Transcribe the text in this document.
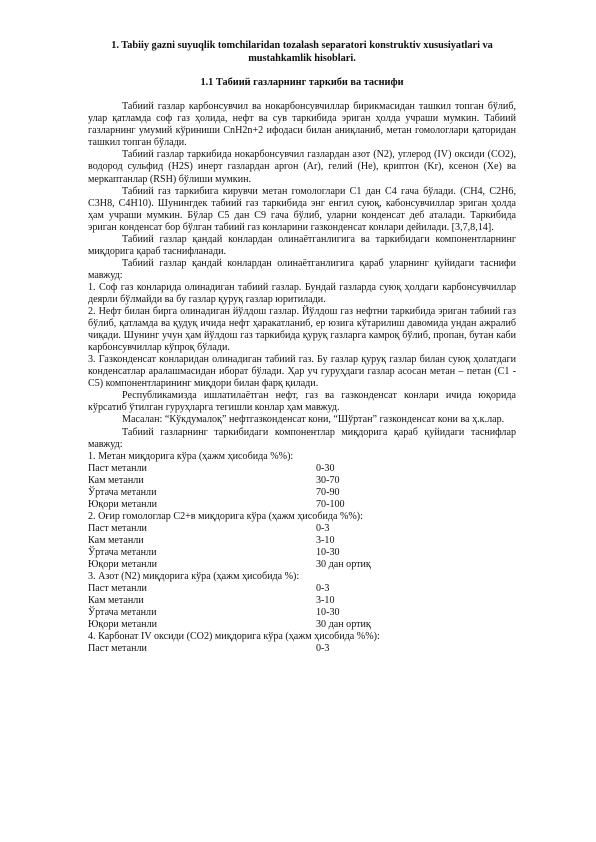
1. Tabiiy gazni suyuqlik tomchilaridan tozalash separatori konstruktiv xususiyatlari va mustahkamlik hisoblari.
1.1 Табиий газларнинг таркиби ва таснифи

Табиий газлар карбонсувчил ва нокарбонсувчиллар бирикмасидан ташкил топган бўлиб, улар қатламда соф газ ҳолида, нефт ва сув таркибида эриган ҳолда учраши мумкин. Табиий газларнинг умумий кўриниши CnH2n+2 ифодаси билан аниқланиб, метан гомологлари қаторидан ташкил топган бўлади.

Табиий газлар таркибида нокарбонсувчил газлардан азот (N2), углерод (IV) оксиди (CO2), водород сульфид (H2S) инерт газлардан аргон (Ar), гелий (He), криптон (Kr), ксенон (Xe) ва меркаптанлар (RSH) бўлиши мумкин.

Табиий газ таркибига кирувчи метан гомологлари C1 дан C4 гача бўлади. (CH4, C2H6, C3H8, C4H10). Шунингдек табиий газ таркибида энг енгил суюқ, кабонсувчиллар эриган ҳолда ҳам учраши мумкин. Бўлар C5 дан C9 гача бўлиб, уларни конденсат деб аталади. Таркибида эриган конденсат бор бўлган табиий газ конларини газконденсат конлари дейилади. [3,7,8,14].

Табиий газлар қандай конлардан олинаётганлигига ва таркибидаги компонентларнинг миқдорига қараб таснифланади.

Табиий газлар қандай конлардан олинаётганлигига қараб уларнинг қуйидаги таснифи мавжуд:

1. Соф газ конларида олинадиган табиий газлар. Бундай газларда суюқ ҳолдаги карбонсувчиллар деярли бўлмайди ва бу газлар қуруқ газлар юритилади.

2. Нефт билан бирга олинадиган йўлдош газлар. Йўлдош газ нефтни таркибида эриган табиий газ бўлиб, қатламда ва қудуқ ичида нефт ҳаракатланиб, ер юзига кўтарилиш давомида ундан ажралиб чиқади. Шунинг учун ҳам йўлдош газ таркибида қуруқ газларга камроқ бўлиб, пропан, бутан каби карбонсувчиллар кўпроқ бўлади.

3. Газконденсат конларидан олинадиган табиий газ. Бу газлар қуруқ газлар билан суюқ ҳолатдаги конденсатлар аралашмасидан иборат бўлади. Ҳар уч гуруҳдаги газлар асосан метан – петан (C1 - C5) компонентларининг миқдори билан фарқ қилади.

Республикамизда ишлатилаётган нефт, газ ва газконденсат конлари ичида юқорида кўрсатиб ўтилган гуруҳларга тегишли конлар ҳам мавжуд.

Масалан: “Кўкдумалоқ” нефтгазконденсат кони, “Шўртан” газконденсат кони ва ҳ.к.лар.

Табиий газларнинг таркибидаги компонентлар миқдорига қараб қуйидаги таснифлар мавжуд:

1. Метан миқдорига кўра (ҳажм ҳисобида %%):

Паст метанли	0-30
Кам метанли	30-70
Ўртача метанли	70-90
Юқори метанли	70-100

2. Оғир гомологлар C2+в миқдорига кўра (ҳажм ҳисобида %%):

Паст метанли	0-3
Кам метанли	3-10
Ўртача метанли	10-30
Юқори метанли	30 дан ортиқ

3. Азот (N2) миқдорига кўра (ҳажм ҳисобида %):

Паст метанли	0-3
Кам метанли	3-10
Ўртача метанли	10-30
Юқори метанли	30 дан ортиқ

4. Карбонат IV оксиди (CO2) миқдорига кўра (ҳажм ҳисобида %%):

Паст метанли	0-3
